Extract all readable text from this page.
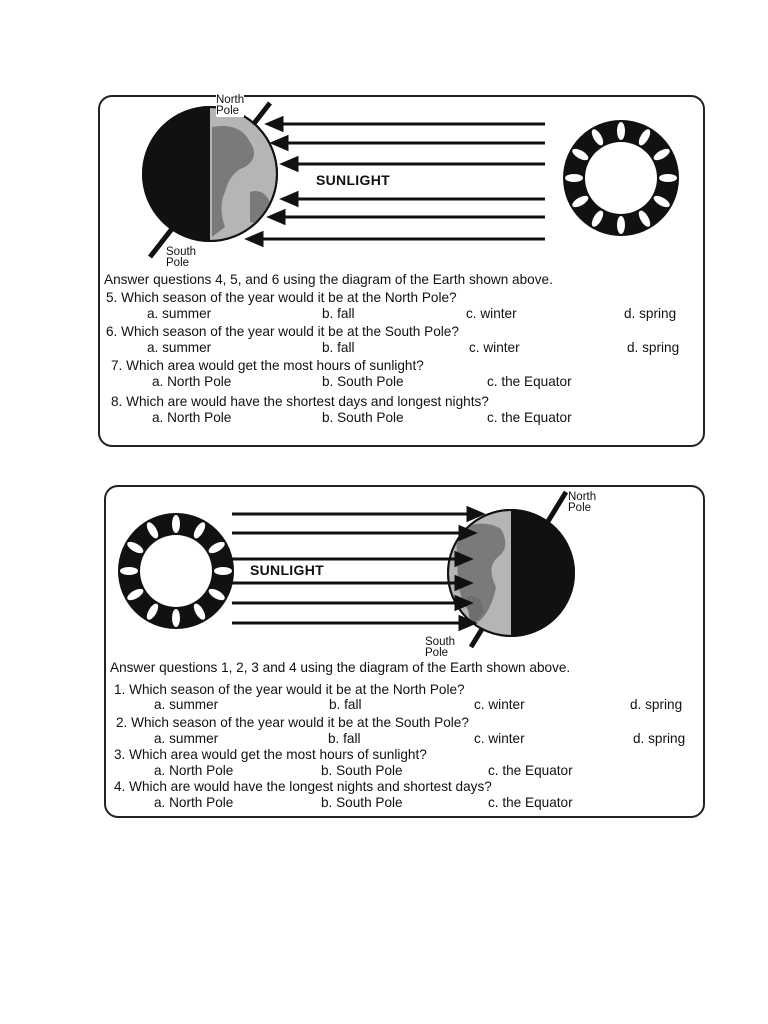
North
Pole
South
Pole
SUNLIGHT
Answer questions 4, 5, and 6 using the diagram of the Earth shown above.
5. Which season of the year would it be at the North Pole?
a. summer	b. fall	c. winter	d. spring
6. Which season of the year would it be at the South Pole?
a. summer	b. fall	c. winter	d. spring
7. Which area would get the most hours of sunlight?
a. North Pole	b. South Pole	c. the Equator
8. Which are would have the shortest days and longest nights?
a. North Pole	b. South Pole	c. the Equator
North
Pole
South
Pole
SUNLIGHT
Answer questions 1, 2, 3 and 4 using the diagram of the Earth shown above.
1. Which season of the year would it be at the North Pole?
a. summer	b. fall	c. winter	d. spring
2. Which season of the year would it be at the South Pole?
a. summer	b. fall	c. winter	d. spring
3. Which area would get the most hours of sunlight?
a. North Pole	b. South Pole	c. the Equator
4. Which are would have the longest nights and shortest days?
a. North Pole	b. South Pole	c. the Equator
